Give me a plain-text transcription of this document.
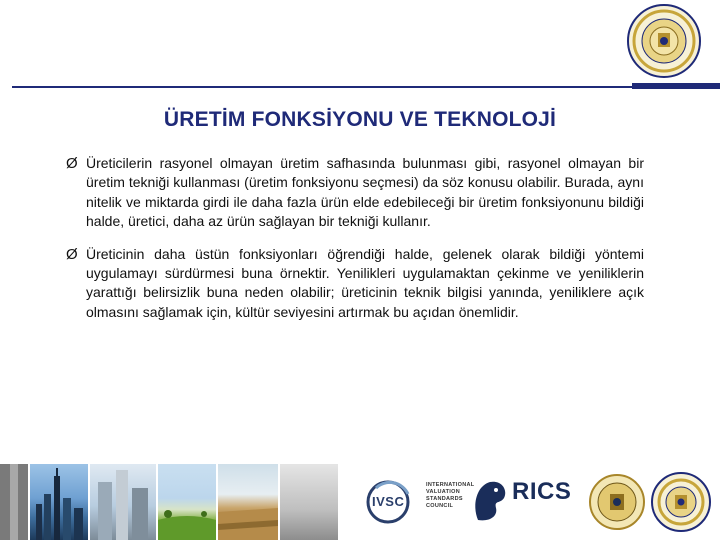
ÜRETİM FONKSİYONU VE TEKNOLOJİ

Ø Üreticilerin rasyonel olmayan üretim safhasında bulunması gibi, rasyonel olmayan bir üretim tekniği kullanması (üretim fonksiyonu seçmesi) da söz konusu olabilir. Burada, aynı nitelik ve miktarda girdi ile daha fazla ürün elde edebileceği bir üretim fonksiyonunu bildiği halde, üretici, daha az ürün sağlayan bir tekniği kullanır.

Ø Üreticinin daha üstün fonksiyonları öğrendiği halde, gelenek olarak bildiği yöntemi uygulamayı sürdürmesi buna örnektir. Yenilikleri uygulamaktan çekinme ve yeniliklerin yarattığı belirsizlik buna neden olabilir; üreticinin teknik bilgisi yanında, yeniliklere açık olmasını sağlamak için, kültür seviyesini artırmak bu açıdan önemlidir.

IVSC
INTERNATIONAL
VALUATION
STANDARDS
COUNCIL
RICS
